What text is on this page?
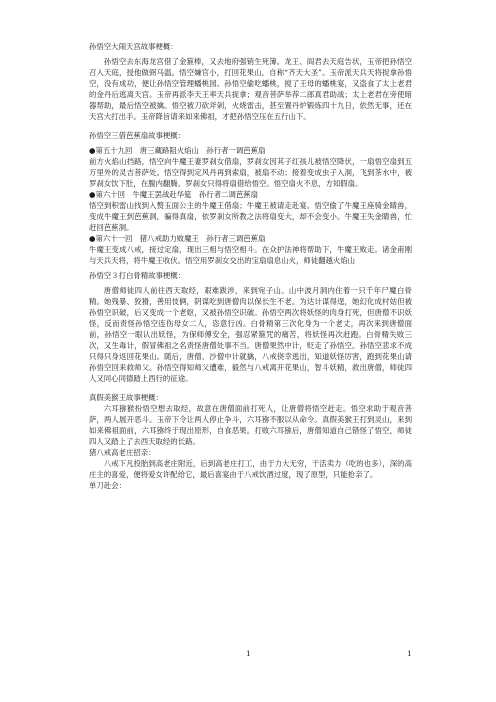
孙悟空大闹天宫故事梗概：

孙悟空去东海龙宫借了金箍棒，又去地府强销生死簿。龙王、阎君去天庭告状，玉帝把孙悟空召入天庭，授他做弼马温。悟空嫌官小，打回花果山，自称“齐天大圣”。玉帝派天兵天将捉拿孙悟空，没有成功，便让孙悟空管理蟠桃园。孙悟空偷吃蟠桃，搅了王母的蟠桃宴，又盗食了太上老君的金丹后逃离天宫。玉帝再派李天王率天兵捉拿；观音菩萨举荐二郎真君助战；太上老君在旁使暗器帮助，最后悟空被擒。悟空被刀砍斧剁，火烧雷击，甚至置丹炉锻炼四十九日，依然无事，还在天宫大打出手。玉帝降旨请来如来佛祖，才把孙悟空压在五行山下。

孙悟空三借芭蕉扇故事梗概：

●第五十九回　唐三藏路阻火焰山　孙行者一调芭蕉扇

前方火焰山挡路，悟空向牛魔王妻罗刹女借扇，罗刹女因其子红孩儿被悟空降伏，一扇悟空扇到五万里外的灵吉菩萨处。悟空得到定风丹再到索扇，被扇不动；接着变成虫子入洞，飞到茶水中，被罗刹女饮下肚，在腹内翻腾。罗刹女只得将扇借给悟空。悟空扇火不息，方知假扇。

●第六十回　牛魔王罢战赴华筵　孙行者二调芭蕉扇

悟空到积雷山找到入赘玉面公主的牛魔王借扇；牛魔王被请走赴宴。悟空偷了牛魔王座骑金睛兽，变成牛魔王到芭蕉洞，骗得真扇，依罗刹女所教之法将扇变大，却不会变小。牛魔王失金睛兽，忙赶回芭蕉洞。

●第六十一回　猪八戒助力败魔王　孙行者三调芭蕉扇

牛魔王变成八戒，接过定扇，现出三相与悟空相斗。在众护法神将帮助下，牛魔王败走。诸金甫刚与天兵天将，将牛魔王收伏。悟空用罗刹女交出的宝扇扇息山火，师徒翻越火焰山

孙悟空３打白骨精故事梗概：

唐僧师徒四人前往西天取经，艰难跋涉，来到宛子山。山中波月洞内住着一只千年尸魔白骨精。她残暴、狡猾，善用伎俩，阴谋吃到唐僧肉以保长生不老。为达计谋得逞，她幻化成村姑但被孙悟空识破，后又变成一个老妪，又被孙悟空识破。孙悟空两次将妖怪的肉身打死，但唐僧不识妖怪，反而责怪孙悟空连伤母女二人，恣意行凶。白骨精第三次化身为一个老丈，再次来到唐僧面前，孙悟空一眼认出妖怪，为保师傅安全，强忍紧箍咒的痛苦，将妖怪再次赶跑。白骨精失败三次，又生毒计，假冒佛祖之名责怪唐僧处事不当。唐僧果然中计，贬走了孙悟空。孙悟空悲求不成只得只身返回花果山。随后，唐僧、沙僧中计就擒，八戒侥幸逃出，知道妖怪厉害，跑到花果山请孙悟空回来救师父。孙悟空得知师父遭难，毅然与八戒离开花果山，智斗妖精，救出唐僧，师徒四人又同心同德踏上西行的征途。

真假美猴王故事梗概：

六耳猕猴扮悟空想去取经，故意在唐僧面前打死人，让唐僧将悟空赶走。悟空求助于观音菩萨，两人展开恶斗。玉帝下令让两人停止争斗，六耳猕不服以从命令。真假美猴王打到灵山，来到如来佛祖面前，六耳猕终于现出原形，自食恶果。打败六耳猕后，唐僧知道自己错怪了悟空，师徒四人又踏上了去西天取经的长路。

猪八戒高老庄招亲：

八戒下凡投胎到高老庄附近，后到高老庄打工，由于力大无穷，干活卖力（吃的也多），深的高庄主的喜爱，便将爱女许配给它，最后喜宴由于八戒饮酒过度，现了原型，只能抢亲了。

单刀赴会：

1	1
